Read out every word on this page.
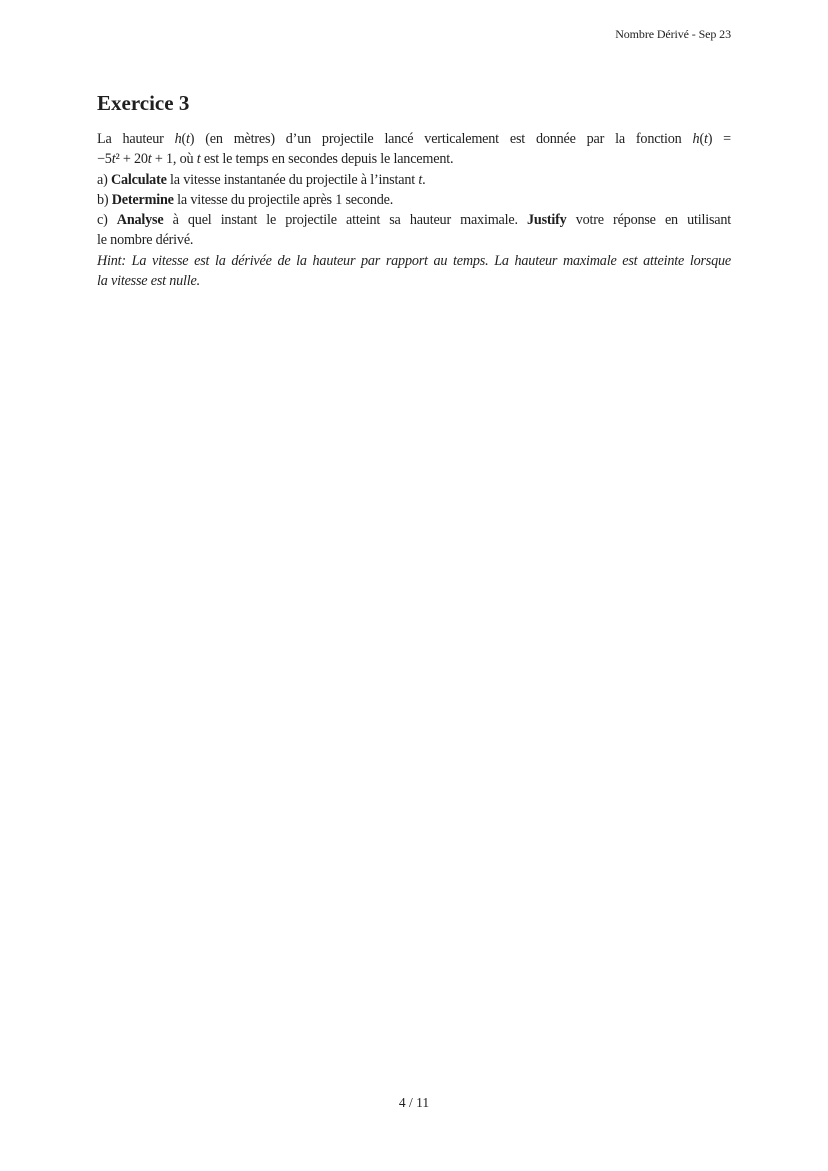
Nombre Dérivé - Sep 23
Exercice 3
La hauteur h(t) (en mètres) d’un projectile lancé verticalement est donnée par la fonction h(t) =
−5t² + 20t + 1, où t est le temps en secondes depuis le lancement.
a) Calculate la vitesse instantanée du projectile à l’instant t.
b) Determine la vitesse du projectile après 1 seconde.
c) Analyse à quel instant le projectile atteint sa hauteur maximale. Justify votre réponse en utilisant
le nombre dérivé.
Hint: La vitesse est la dérivée de la hauteur par rapport au temps. La hauteur maximale est atteinte lorsque
la vitesse est nulle.
4 / 11
